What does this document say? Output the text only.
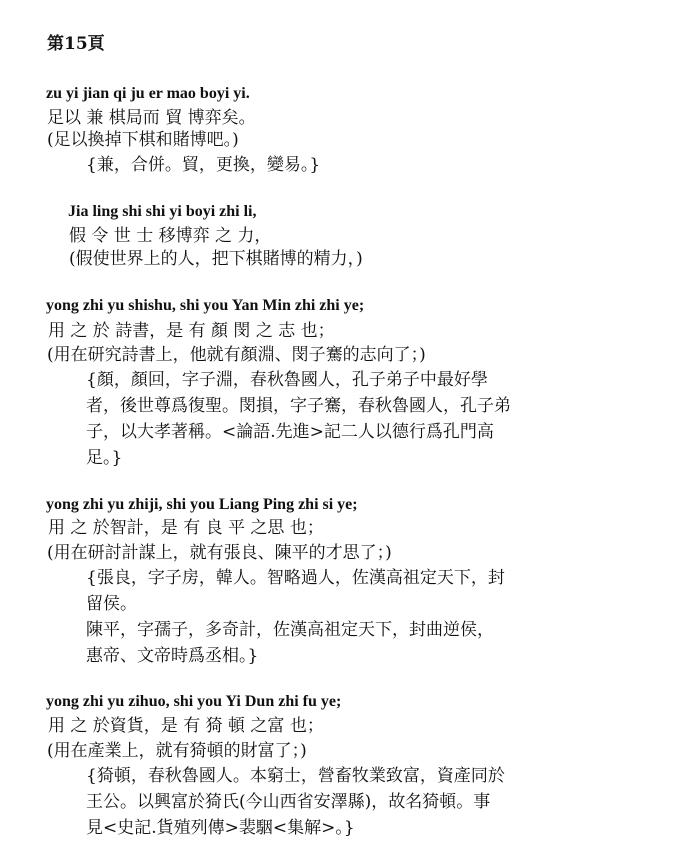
第15頁
zu yi jian qi ju er mao boyi yi.
足以 兼 棋局而 貿 博弈矣。
(足以換掉下棋和賭博吧。)
{兼，合併。貿，更換，變易。}
Jia ling shi shi yi boyi zhi li,
假 令 世 士 移博弈 之 力，
(假使世界上的人，把下棋賭博的精力，)
yong zhi yu shishu, shi you Yan Min zhi zhi ye;
用 之 於 詩書，是 有 顏 閔 之 志 也；
(用在研究詩書上，他就有顏淵、閔子騫的志向了；)
{顏，顏回，字子淵，春秋魯國人，孔子弟子中最好學
者，後世尊爲復聖。閔損，字子騫，春秋魯國人，孔子弟
子，以大孝著稱。<論語.先進>記二人以德行爲孔門高
足。}
yong zhi yu zhiji, shi you Liang Ping zhi si ye;
用 之 於智計，是 有 良 平 之思 也；
(用在研討計謀上，就有張良、陳平的才思了；)
{張良，字子房，韓人。智略過人，佐漢高祖定天下，封
留侯。
陳平，字孺子，多奇計，佐漢高祖定天下，封曲逆侯，
惠帝、文帝時爲丞相。}
yong zhi yu zihuo, shi you Yi Dun zhi fu ye;
用 之 於資貨，是 有 猗 頓 之富 也；
(用在產業上，就有猗頓的財富了；)
{猗頓，春秋魯國人。本窮士，營畜牧業致富，資產同於
王公。以興富於猗氏(今山西省安澤縣)，故名猗頓。事
見<史記.貨殖列傳>裴駰<集解>。}
